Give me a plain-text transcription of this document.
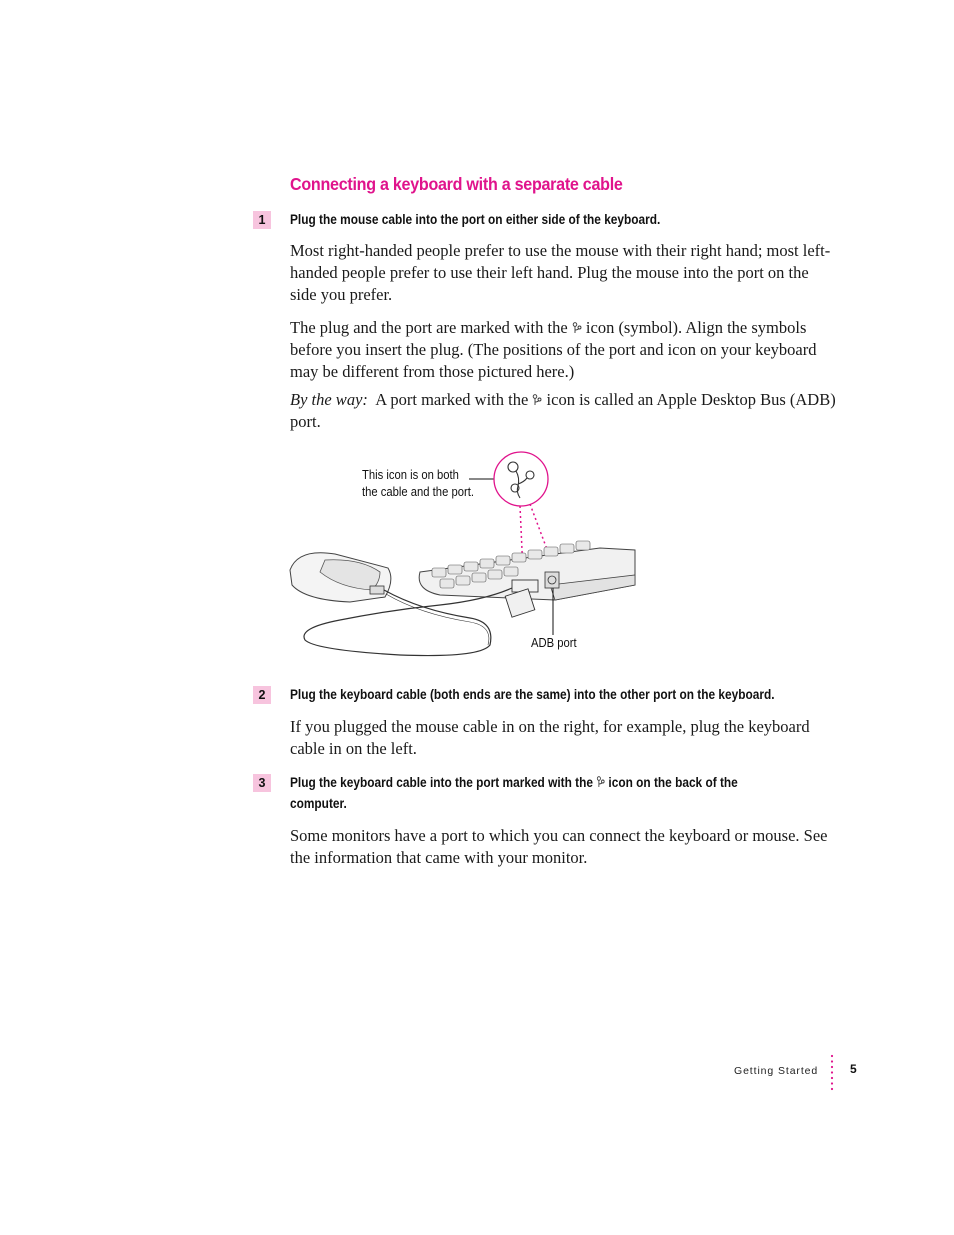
Connecting a keyboard with a separate cable
1	Plug the mouse cable into the port on either side of the keyboard.

Most right-handed people prefer to use the mouse with their right hand; most left-handed people prefer to use their left hand. Plug the mouse into the port on the side you prefer.

The plug and the port are marked with the icon (symbol). Align the symbols before you insert the plug. (The positions of the port and icon on your keyboard may be different from those pictured here.)

By the way: A port marked with the icon is called an Apple Desktop Bus (ADB) port.

This icon is on both
the cable and the port.
ADB port
2	Plug the keyboard cable (both ends are the same) into the other port on the keyboard.

If you plugged the mouse cable in on the right, for example, plug the keyboard cable in on the left.

3	Plug the keyboard cable into the port marked with the icon on the back of the
computer.

Some monitors have a port to which you can connect the keyboard or mouse. See the information that came with your monitor.

Getting Started	5
